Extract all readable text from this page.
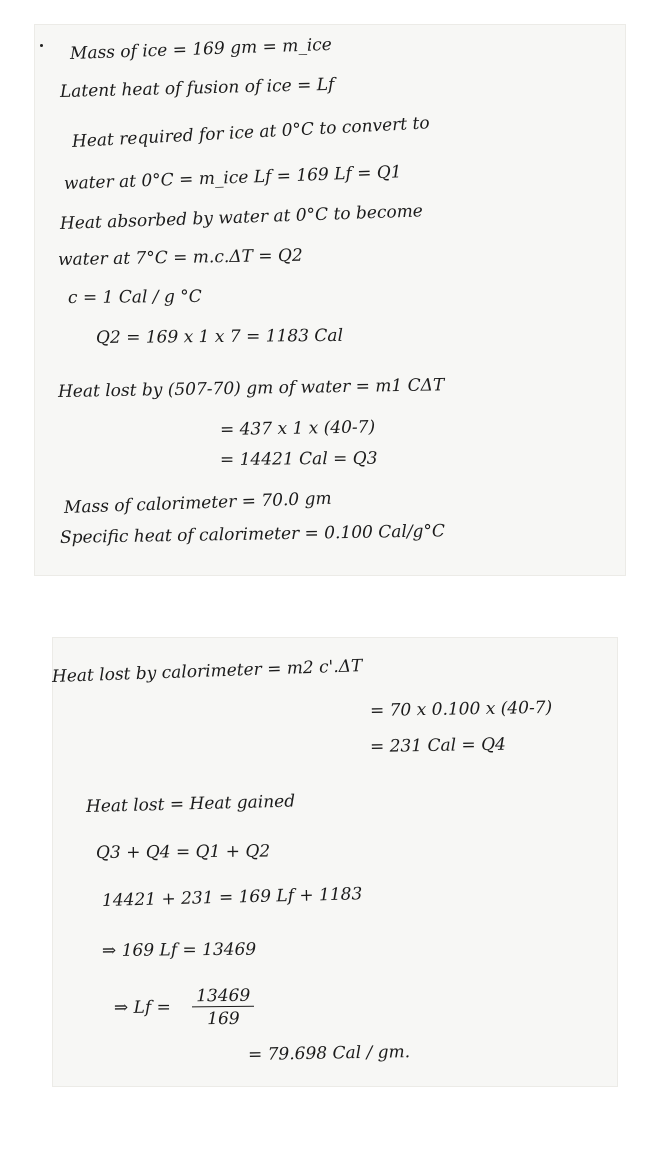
Mass of ice = 169 gm = m_ice
Latent heat of fusion of ice = Lf
Heat required for ice at 0°C to convert to
water at 0°C = m_ice Lf = 169 Lf = Q1
Heat absorbed by water at 0°C to become
water at 7°C = m.c.ΔT = Q2
c = 1 Cal / g °C
Q2 = 169 x 1 x 7 = 1183 Cal
Heat lost by (507-70) gm of water = m1 CΔT
= 437 x 1 x (40-7)
= 14421 Cal = Q3
Mass of calorimeter = 70.0 gm
Specific heat of calorimeter = 0.100 Cal/g°C
Heat lost by calorimeter = m2 c'.ΔT
= 70 x 0.100 x (40-7)
= 231 Cal = Q4
Heat lost = Heat gained
Q3 + Q4 = Q1 + Q2
14421 + 231 = 169 Lf + 1183
⇒ 169 Lf = 13469
⇒ $Lf = \frac{13469}{169}$
= 79.698 Cal / gm.
